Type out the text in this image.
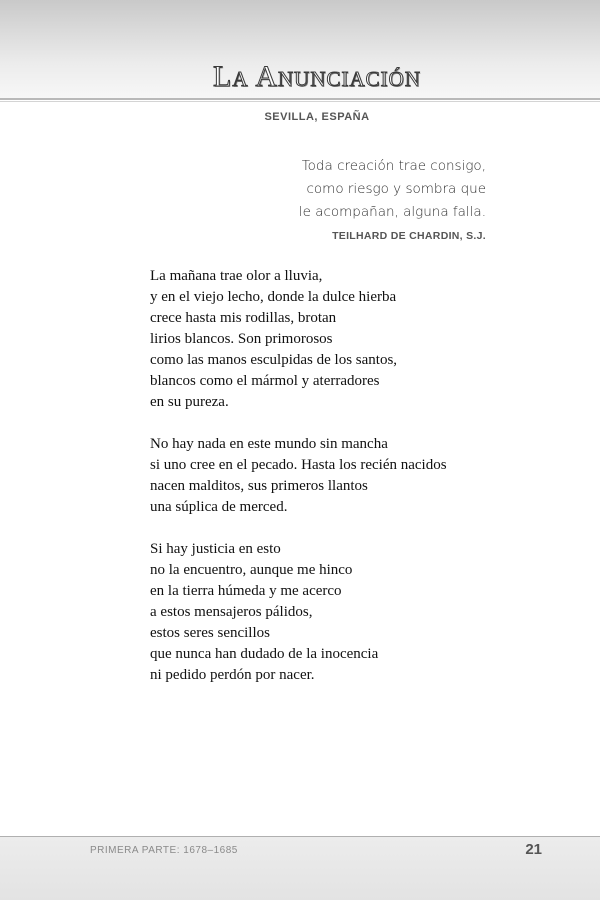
La Anunciación
SEVILLA, ESPAÑA
Toda creación trae consigo,
como riesgo y sombra que
le acompañan, alguna falla.
TEILHARD DE CHARDIN, S.J.
La mañana trae olor a lluvia,
y en el viejo lecho, donde la dulce hierba
crece hasta mis rodillas, brotan
lirios blancos. Son primorosos
como las manos esculpidas de los santos,
blancos como el mármol y aterradores
en su pureza.
No hay nada en este mundo sin mancha
si uno cree en el pecado. Hasta los recién nacidos
nacen malditos, sus primeros llantos
una súplica de merced.
Si hay justicia en esto
no la encuentro, aunque me hinco
en la tierra húmeda y me acerco
a estos mensajeros pálidos,
estos seres sencillos
que nunca han dudado de la inocencia
ni pedido perdón por nacer.
PRIMERA PARTE: 1678–1685	21
